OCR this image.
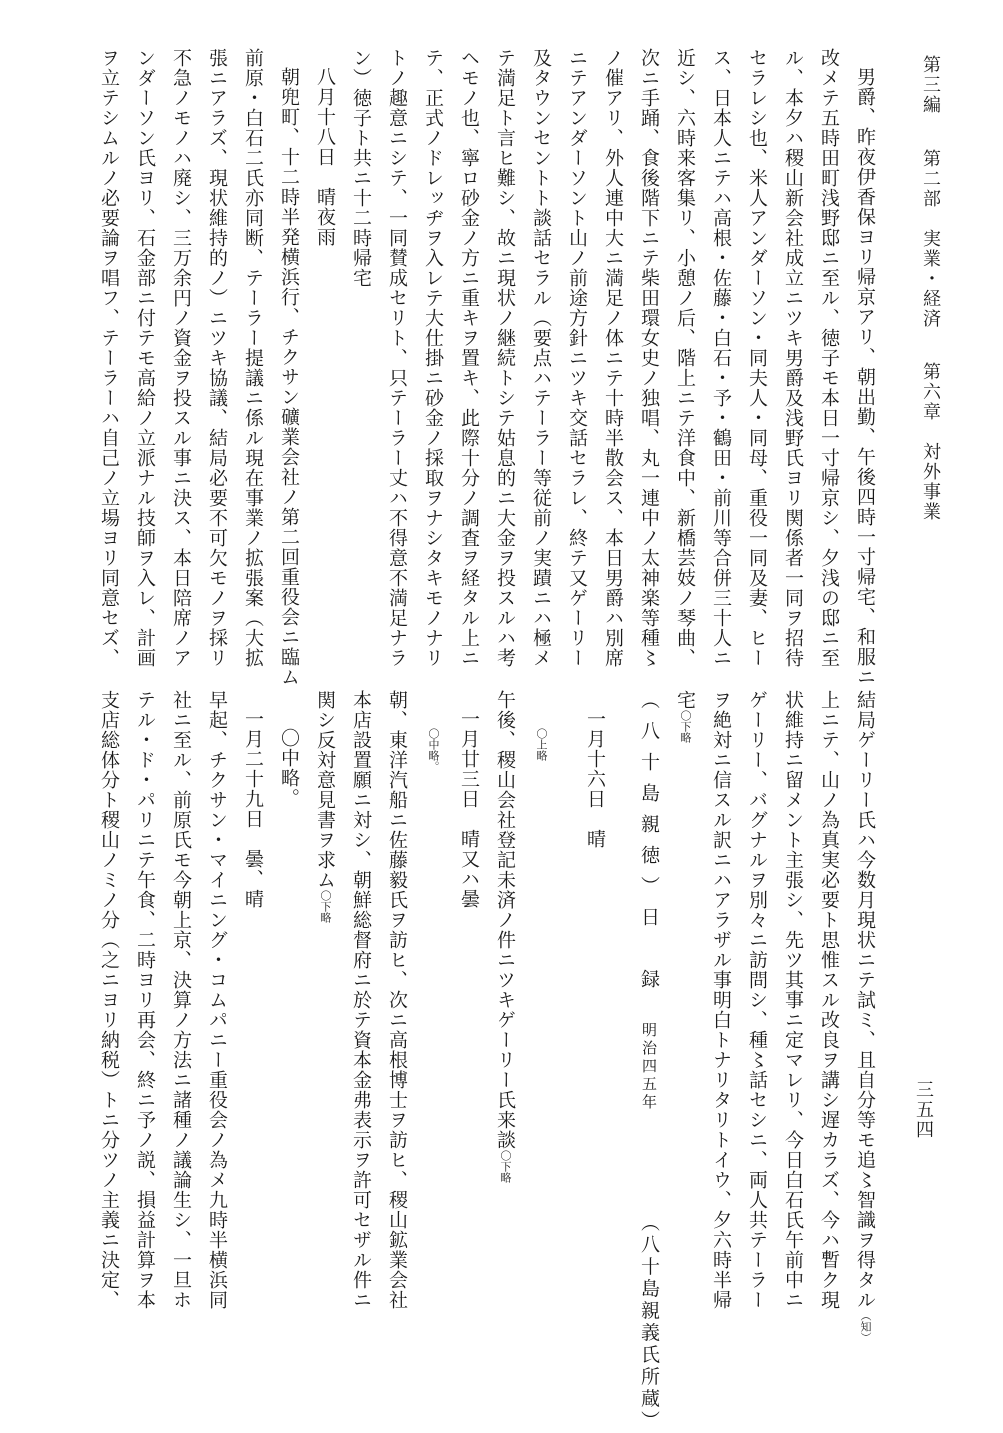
第三編 第二部　実業・経済 第六章　対外事業
三五四

男爵、昨夜伊香保ヨリ帰京アリ、朝出勤、午後四時一寸帰宅、和服ニ

改メテ五時田町浅野邸ニ至ル、徳子モ本日一寸帰京シ、夕浅の邸ニ至

ル、本夕ハ稷山新会社成立ニツキ男爵及浅野氏ヨリ関係者一同ヲ招待

セラレシ也、米人アンダーソン・同夫人・同母、重役一同及妻、ヒー

ス、日本人ニテハ高根・佐藤・白石・予・鶴田・前川等合併三十人ニ

近シ、六時来客集リ、小憩ノ后、階上ニテ洋食中、新橋芸妓ノ琴曲、

次ニ手踊、食後階下ニテ柴田環女史ノ独唱、丸一連中ノ太神楽等種〻

ノ催アリ、外人連中大ニ満足ノ体ニテ十時半散会ス、本日男爵ハ別席

ニテアンダーソント山ノ前途方針ニツキ交話セラレ、終テ又ゲーリー

及タウンセントト談話セラル（要点ハテーラー等従前ノ実蹟ニハ極メ

テ満足ト言ヒ難シ、故ニ現状ノ継続トシテ姑息的ニ大金ヲ投スルハ考

ヘモノ也、寧ロ砂金ノ方ニ重キヲ置キ、此際十分ノ調査ヲ経タル上ニ

テ、正式ノドレッヂヲ入レテ大仕掛ニ砂金ノ採取ヲナシタキモノナリ

トノ趣意ニシテ、一同賛成セリト、只テーラー丈ハ不得意不満足ナラ

ン）徳子ト共ニ十二時帰宅

八月十八日　晴夜雨

朝兜町、十二時半発横浜行、チクサン礦業会社ノ第二回重役会ニ臨ム

前原・白石二氏亦同断、テーラー提議ニ係ル現在事業ノ拡張案（大拡

張ニアラズ、現状維持的ノ）ニツキ協議、結局必要不可欠モノヲ採リ

不急ノモノハ廃シ、三万余円ノ資金ヲ投スル事ニ決ス、本日陪席ノア

ンダーソン氏ヨリ、石金部ニ付テモ高給ノ立派ナル技師ヲ入レ、計画

ヲ立テシムルノ必要論ヲ唱フ、テーラーハ自己ノ立場ヨリ同意セズ、

結局ゲーリー氏ハ今数月現状ニテ試ミ、且自分等モ追〻智識ヲ得タル（知）

上ニテ、山ノ為真実必要ト思惟スル改良ヲ講シ遅カラズ、今ハ暫ク現

状維持ニ留メント主張シ、先ツ其事ニ定マレリ、今日白石氏午前中ニ

ゲーリー、バグナルヲ別々ニ訪問シ、種〻話セシニ、両人共テーラー

ヲ絶対ニ信スル訳ニハアラザル事明白トナリタリトイウ、夕六時半帰

宅〇下略

（八十島親徳）日　録　明治四五年　　　　　（八十島親義氏所蔵）

一月十六日　晴

〇上略

午後、稷山会社登記未済ノ件ニツキゲーリー氏来談〇下略

一月廿三日　晴又ハ曇

〇中略。

朝、東洋汽船ニ佐藤毅氏ヲ訪ヒ、次ニ高根博士ヲ訪ヒ、稷山鉱業会社

本店設置願ニ対シ、朝鮮総督府ニ於テ資本金弗表示ヲ許可セザル件ニ

関シ反対意見書ヲ求ム〇下略

〇中略。

一月二十九日　曇、晴

早起、チクサン・マイニング・コムパニー重役会ノ為メ九時半横浜同

社ニ至ル、前原氏モ今朝上京、決算ノ方法ニ諸種ノ議論生シ、一旦ホ

テル・ド・パリニテ午食、二時ヨリ再会、終ニ予ノ説、損益計算ヲ本

支店総体分ト稷山ノミノ分（之ニヨリ納税）トニ分ツノ主義ニ決定、
